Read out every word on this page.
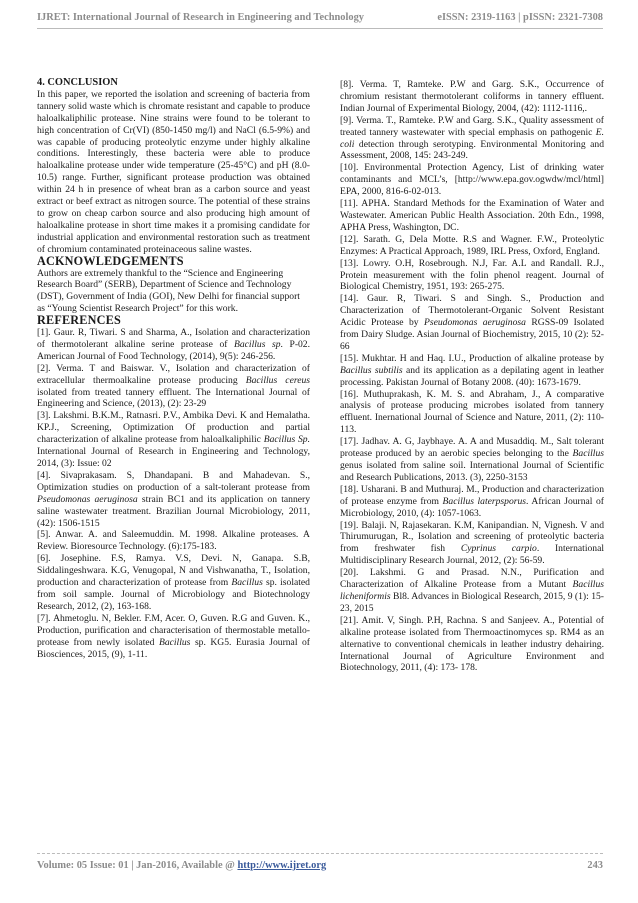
IJRET: International Journal of Research in Engineering and Technology	eISSN: 2319-1163 | pISSN: 2321-7308

4. CONCLUSION

In this paper, we reported the isolation and screening of bacteria from tannery solid waste which is chromate resistant and capable to produce haloalkaliphilic protease. Nine strains were found to be tolerant to high concentration of Cr(VI) (850-1450 mg/l) and NaCl (6.5-9%) and was capable of producing proteolytic enzyme under highly alkaline conditions. Interestingly, these bacteria were able to produce haloalkaline protease under wide temperature (25-45°C) and pH (8.0-10.5) range. Further, significant protease production was obtained within 24 h in presence of wheat bran as a carbon source and yeast extract or beef extract as nitrogen source. The potential of these strains to grow on cheap carbon source and also producing high amount of haloalkaline protease in short time makes it a promising candidate for industrial application and environmental restoration such as treatment of chromium contaminated proteinaceous saline wastes.

ACKNOWLEDGEMENTS

Authors are extremely thankful to the “Science and Engineering Research Board” (SERB), Department of Science and Technology (DST), Government of India (GOI), New Delhi for financial support as “Young Scientist Research Project” for this work.

REFERENCES

[1]. Gaur. R, Tiwari. S and Sharma, A., Isolation and characterization of thermotolerant alkaline serine protease of Bacillus sp. P-02. American Journal of Food Technology, (2014), 9(5): 246-256.

[2]. Verma. T and Baiswar. V., Isolation and characterization of extracellular thermoalkaline protease producing Bacillus cereus isolated from treated tannery effluent. The International Journal of Engineering and Science, (2013), (2): 23-29

[3]. Lakshmi. B.K.M., Ratnasri. P.V., Ambika Devi. K and Hemalatha. KP.J., Screening, Optimization Of production and partial characterization of alkaline protease from haloalkaliphilic Bacillus Sp. International Journal of Research in Engineering and Technology, 2014, (3): Issue: 02

[4]. Sivaprakasam. S, Dhandapani. B and Mahadevan. S., Optimization studies on production of a salt-tolerant protease from Pseudomonas aeruginosa strain BC1 and its application on tannery saline wastewater treatment. Brazilian Journal Microbiology, 2011, (42): 1506-1515

[5]. Anwar. A. and Saleemuddin. M. 1998. Alkaline proteases. A Review. Bioresource Technology. (6):175-183.

[6]. Josephine. F.S, Ramya. V.S, Devi. N, Ganapa. S.B, Siddalingeshwara. K.G, Venugopal, N and Vishwanatha, T., Isolation, production and characterization of protease from Bacillus sp. isolated from soil sample. Journal of Microbiology and Biotechnology Research, 2012, (2), 163-168.

[7]. Ahmetoglu. N, Bekler. F.M, Acer. O, Guven. R.G and Guven. K., Production, purification and characterisation of thermostable metallo-protease from newly isolated Bacillus sp. KG5. Eurasia Journal of Biosciences, 2015, (9), 1-11.

[8]. Verma. T, Ramteke. P.W and Garg. S.K., Occurrence of chromium resistant thermotolerant coliforms in tannery effluent. Indian Journal of Experimental Biology, 2004, (42): 1112-1116,.

[9]. Verma. T., Ramteke. P.W and Garg. S.K., Quality assessment of treated tannery wastewater with special emphasis on pathogenic E. coli detection through serotyping. Environmental Monitoring and Assessment, 2008, 145: 243-249.

[10]. Environmental Protection Agency, List of drinking water contaminants and MCL’s, [http://www.epa.gov.ogwdw/mcl/html] EPA, 2000, 816-6-02-013.

[11]. APHA. Standard Methods for the Examination of Water and Wastewater. American Public Health Association. 20th Edn., 1998, APHA Press, Washington, DC.

[12]. Sarath. G, Dela Motte. R.S and Wagner. F.W., Proteolytic Enzymes: A Practical Approach, 1989, IRL Press, Oxford, England.

[13]. Lowry. O.H, Rosebrough. N.J, Far. A.L and Randall. R.J., Protein measurement with the folin phenol reagent. Journal of Biological Chemistry, 1951, 193: 265-275.

[14]. Gaur. R, Tiwari. S and Singh. S., Production and Characterization of Thermotolerant-Organic Solvent Resistant Acidic Protease by Pseudomonas aeruginosa RGSS-09 Isolated from Dairy Sludge. Asian Journal of Biochemistry, 2015, 10 (2): 52-66

[15]. Mukhtar. H and Haq. I.U., Production of alkaline protease by Bacillus subtilis and its application as a depilating agent in leather processing. Pakistan Journal of Botany 2008. (40): 1673-1679.

[16]. Muthuprakash, K. M. S. and Abraham, J., A comparative analysis of protease producing microbes isolated from tannery effluent. Inernational Journal of Science and Nature, 2011, (2): 110-113.

[17]. Jadhav. A. G, Jaybhaye. A. A and Musaddiq. M., Salt tolerant protease produced by an aerobic species belonging to the Bacillus genus isolated from saline soil. International Journal of Scientific and Research Publications, 2013. (3), 2250-3153

[18]. Usharani. B and Muthuraj. M., Production and characterization of protease enzyme from Bacillus laterpsporus. African Journal of Microbiology, 2010, (4): 1057-1063.

[19]. Balaji. N, Rajasekaran. K.M, Kanipandian. N, Vignesh. V and Thirumurugan, R., Isolation and screening of proteolytic bacteria from freshwater fish Cyprinus carpio. International Multidisciplinary Research Journal, 2012, (2): 56-59.

[20]. Lakshmi. G and Prasad. N.N., Purification and Characterization of Alkaline Protease from a Mutant Bacillus licheniformis Bl8. Advances in Biological Research, 2015, 9 (1): 15-23, 2015

[21]. Amit. V, Singh. P.H, Rachna. S and Sanjeev. A., Potential of alkaline protease isolated from Thermoactinomyces sp. RM4 as an alternative to conventional chemicals in leather industry dehairing. International Journal of Agriculture Environment and Biotechnology, 2011, (4): 173- 178.

Volume: 05 Issue: 01 | Jan-2016, Available @ http://www.ijret.org	243
